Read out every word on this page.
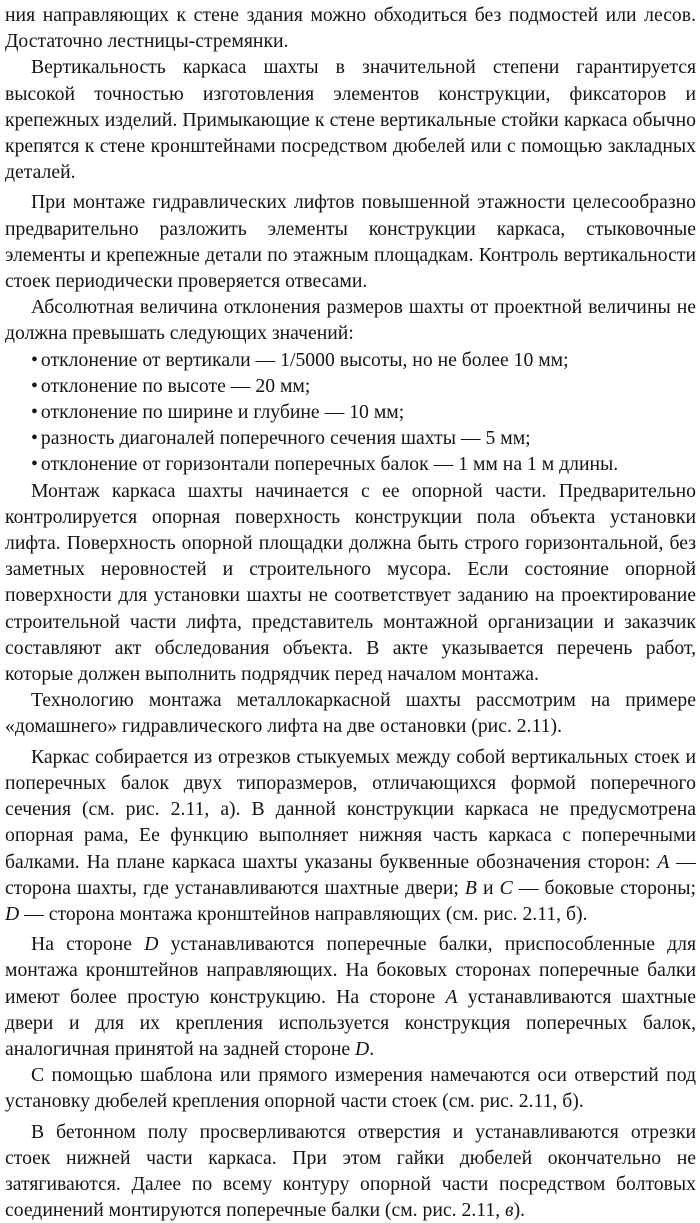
ния направляющих к стене здания можно обходиться без подмостей или лесов. Достаточно лестницы-стремянки.

Вертикальность каркаса шахты в значительной степени гарантируется высокой точностью изготовления элементов конструкции, фиксаторов и крепежных изделий. Примыкающие к стене вертикальные стойки каркаса обычно крепятся к стене кронштейнами посредством дюбелей или с помощью закладных деталей.

При монтаже гидравлических лифтов повышенной этажности целесообразно предварительно разложить элементы конструкции каркаса, стыковочные элементы и крепежные детали по этажным площадкам. Контроль вертикальности стоек периодически проверяется отвесами.

Абсолютная величина отклонения размеров шахты от проектной величины не должна превышать следующих значений:

• отклонение от вертикали — 1/5000 высоты, но не более 10 мм;
• отклонение по высоте — 20 мм;
• отклонение по ширине и глубине — 10 мм;
• разность диагоналей поперечного сечения шахты — 5 мм;
• отклонение от горизонтали поперечных балок — 1 мм на 1 м длины.

Монтаж каркаса шахты начинается с ее опорной части. Предварительно контролируется опорная поверхность конструкции пола объекта установки лифта. Поверхность опорной площадки должна быть строго горизонтальной, без заметных неровностей и строительного мусора. Если состояние опорной поверхности для установки шахты не соответствует заданию на проектирование строительной части лифта, представитель монтажной организации и заказчик составляют акт обследования объекта. В акте указывается перечень работ, которые должен выполнить подрядчик перед началом монтажа.

Технологию монтажа металлокаркасной шахты рассмотрим на примере «домашнего» гидравлического лифта на две остановки (рис. 2.11).

Каркас собирается из отрезков стыкуемых между собой вертикальных стоек и поперечных балок двух типоразмеров, отличающихся формой поперечного сечения (см. рис. 2.11, а). В данной конструкции каркаса не предусмотрена опорная рама, Ее функцию выполняет нижняя часть каркаса с поперечными балками. На плане каркаса шахты указаны буквенные обозначения сторон: A — сторона шахты, где устанавливаются шахтные двери; B и C — боковые стороны; D — сторона монтажа кронштейнов направляющих (см. рис. 2.11, б).

На стороне D устанавливаются поперечные балки, приспособленные для монтажа кронштейнов направляющих. На боковых сторонах поперечные балки имеют более простую конструкцию. На стороне A устанавливаются шахтные двери и для их крепления используется конструкция поперечных балок, аналогичная принятой на задней стороне D.

С помощью шаблона или прямого измерения намечаются оси отверстий под установку дюбелей крепления опорной части стоек (см. рис. 2.11, б).

В бетонном полу просверливаются отверстия и устанавливаются отрезки стоек нижней части каркаса. При этом гайки дюбелей окончательно не затягиваются. Далее по всему контуру опорной части посредством болтовых соединений монтируются поперечные балки (см. рис. 2.11, в).
